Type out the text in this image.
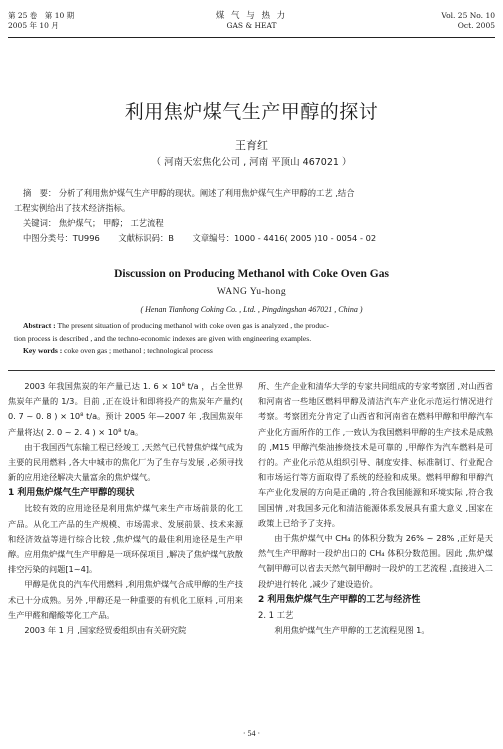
第 25 卷　第 10 期
2005 年 10 月
煤 气 与 热 力
GAS & HEAT
Vol. 25 No. 10
Oct. 2005
利用焦炉煤气生产甲醇的探讨
王育红
（ 河南天宏焦化公司 , 河南 平顶山 467021 ）

摘　要： 分析了利用焦炉煤气生产甲醇的现状。阐述了利用焦炉煤气生产甲醇的工艺 ,结合

工程实例给出了技术经济指标。

关键词： 焦炉煤气； 甲醇； 工艺流程

中图分类号：TU996 文献标识码：B 文章编号：1000 - 4416( 2005 )10 - 0054 - 02

Discussion on Producing Methanol with Coke Oven Gas
WANG Yu-hong
( Henan Tianhong Coking Co. , Ltd. , Pingdingshan 467021 , China )

Abstract : The present situation of producing methanol with coke oven gas is analyzed , the produc-

tion process is described , and the techno-economic indexes are given with engineering examples.

Key words : coke oven gas ; methanol ; technological process

2003 年我国焦炭的年产量已达 1. 6 × 10⁸ t/a ，占全世界焦炭年产量的 1/3。目前 ,正在设计和即将投产的焦炭年产量约( 0. 7 ~ 0. 8 ) × 10⁸ t/a。预计 2005 年—2007 年 ,我国焦炭年产量将达( 2. 0 ~ 2. 4 ) × 10⁸ t/a。

由于我国西气东输工程已经竣工 ,天然气已代替焦炉煤气成为主要的民用燃料 ,各大中城市的焦化厂为了生存与发展 ,必须寻找新的应用途径解决大量富余的焦炉煤气。

1 利用焦炉煤气生产甲醇的现状

比较有效的应用途径是利用焦炉煤气来生产市场前景的化工产品。从化工产品的生产规模、市场需求、发展前景、技术来源和经济效益等进行综合比较 ,焦炉煤气的最佳利用途径是生产甲醇。应用焦炉煤气生产甲醇是一项环保项目 ,解决了焦炉煤气放散排空污染的问题[1~4]。

甲醇是优良的汽车代用燃料 ,利用焦炉煤气合成甲醇的生产技术已十分成熟。另外 ,甲醇还是一种重要的有机化工原料 ,可用来生产甲醛和醋酸等化工产品。

2003 年 1 月 ,国家经贸委组织由有关研究院

所、生产企业和清华大学的专家共同组成的专家考察团 ,对山西省和河南省一些地区燃料甲醇及清洁汽车产业化示范运行情况进行考察。考察团充分肯定了山西省和河南省在燃料甲醇和甲醇汽车产业化方面所作的工作 ,一致认为我国燃料甲醇的生产技术是成熟的 ,M15 甲醇汽柴油掺烧技术是可靠的 ,甲醇作为汽车燃料是可行的。产业化示范从组织引导、制度安排、标准制订、行业配合和市场运行等方面取得了系统的经验和成果。燃料甲醇和甲醇汽车产业化发展的方向是正确的 ,符合我国能源和环境实际 ,符合我国国情 ,对我国多元化和清洁能源体系发展具有重大意义 ,国家在政策上已给予了支持。

由于焦炉煤气中 CH₄ 的体积分数为 26% ~ 28% ,正好是天然气生产甲醇时一段炉出口的 CH₄ 体积分数范围。因此 ,焦炉煤气制甲醇可以省去天然气制甲醇时一段炉的工艺流程 ,直接进入二段炉进行转化 ,减少了建设造价。

2 利用焦炉煤气生产甲醇的工艺与经济性
2. 1 工艺

利用焦炉煤气生产甲醇的工艺流程见图 1。

· 54 ·
